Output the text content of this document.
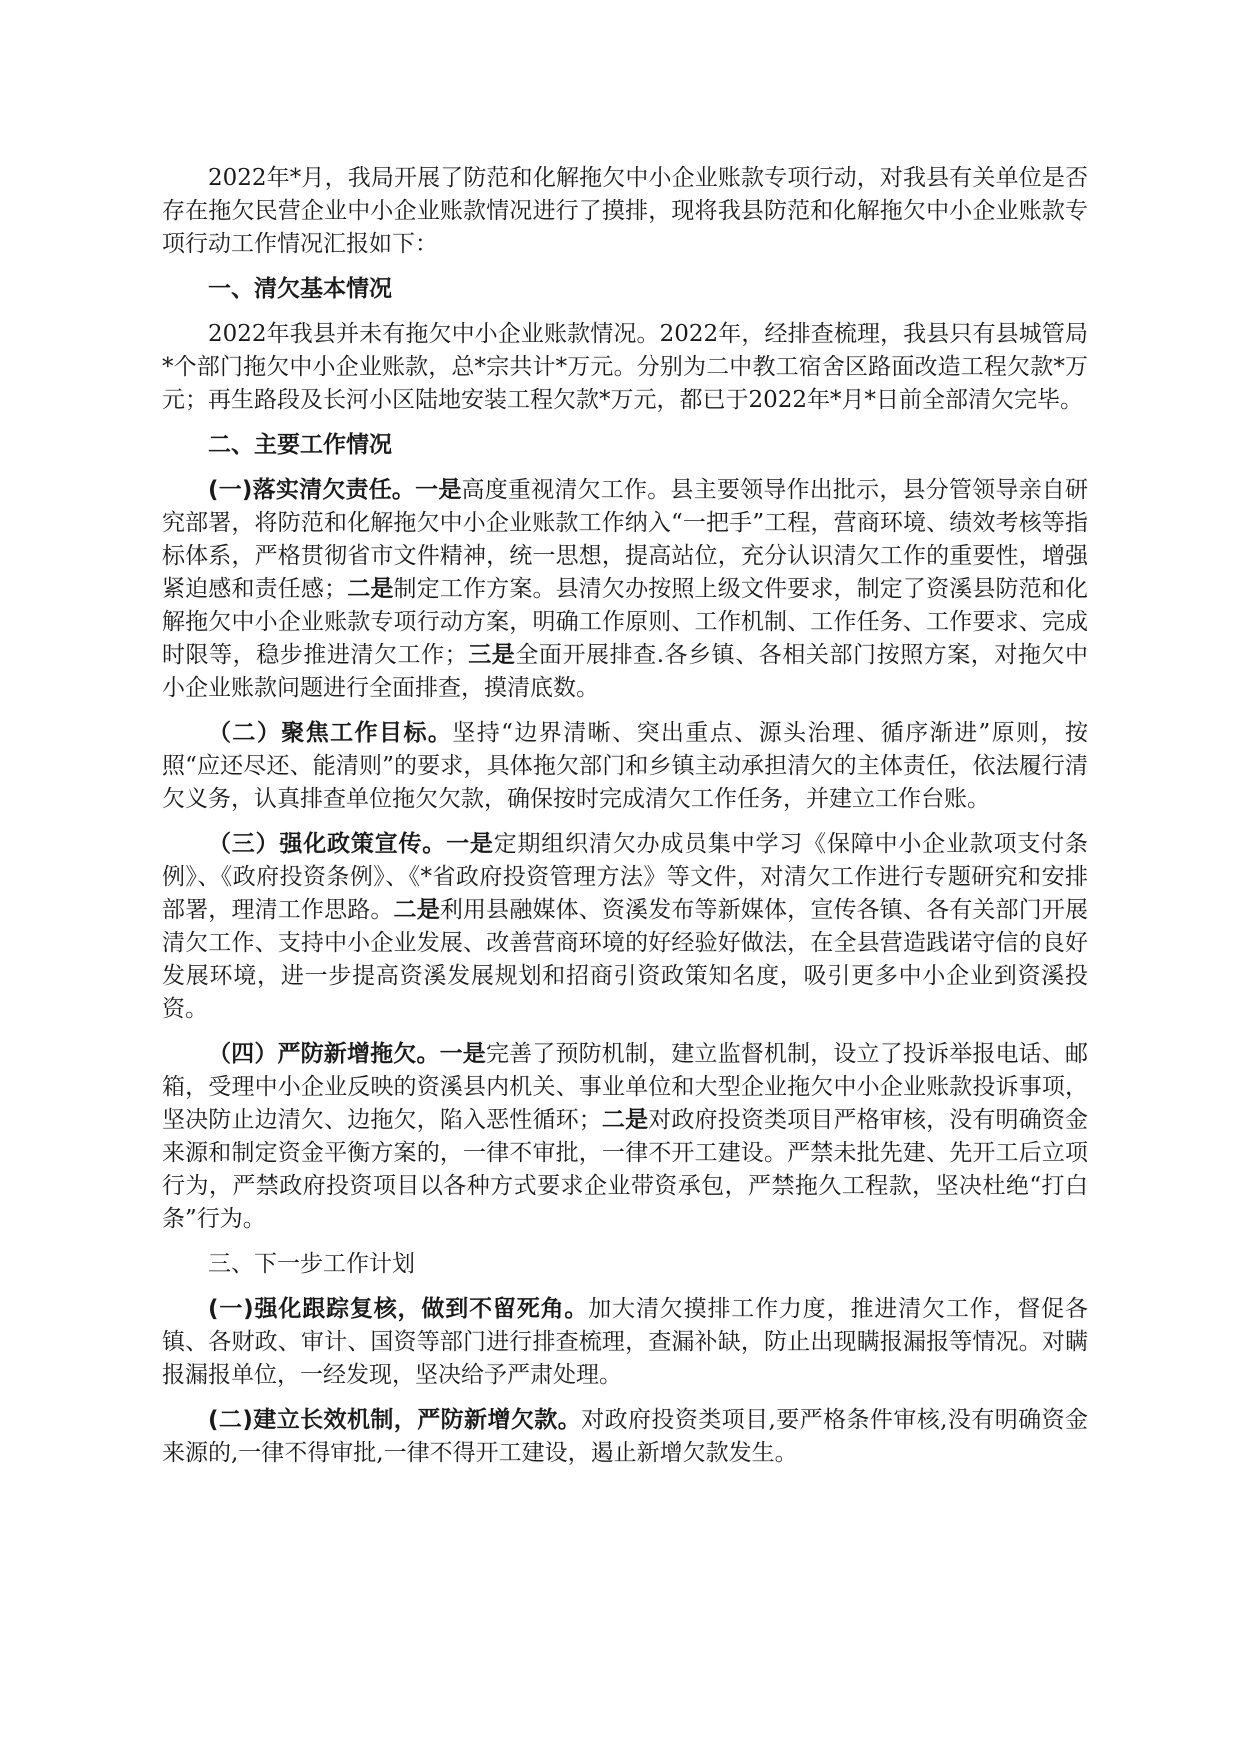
2022年*月，我局开展了防范和化解拖欠中小企业账款专项行动，对我县有关单位是否存在拖欠民营企业中小企业账款情况进行了摸排，现将我县防范和化解拖欠中小企业账款专项行动工作情况汇报如下：

一、清欠基本情况

2022年我县并未有拖欠中小企业账款情况。2022年，经排查梳理，我县只有县城管局*个部门拖欠中小企业账款，总*宗共计*万元。分别为二中教工宿舍区路面改造工程欠款*万元；再生路段及长河小区陆地安装工程欠款*万元，都已于2022年*月*日前全部清欠完毕。

二、主要工作情况

(一)落实清欠责任。一是高度重视清欠工作。县主要领导作出批示，县分管领导亲自研究部署，将防范和化解拖欠中小企业账款工作纳入“一把手”工程，营商环境、绩效考核等指标体系，严格贯彻省市文件精神，统一思想，提高站位，充分认识清欠工作的重要性，增强紧迫感和责任感；二是制定工作方案。县清欠办按照上级文件要求，制定了资溪县防范和化解拖欠中小企业账款专项行动方案，明确工作原则、工作机制、工作任务、工作要求、完成时限等，稳步推进清欠工作；三是全面开展排查.各乡镇、各相关部门按照方案，对拖欠中小企业账款问题进行全面排查，摸清底数。

（二）聚焦工作目标。坚持“边界清晰、突出重点、源头治理、循序渐进”原则，按照“应还尽还、能清则”的要求，具体拖欠部门和乡镇主动承担清欠的主体责任，依法履行清欠义务，认真排查单位拖欠欠款，确保按时完成清欠工作任务，并建立工作台账。

（三）强化政策宣传。一是定期组织清欠办成员集中学习《保障中小企业款项支付条例》、《政府投资条例》、《*省政府投资管理方法》等文件，对清欠工作进行专题研究和安排部署，理清工作思路。二是利用县融媒体、资溪发布等新媒体，宣传各镇、各有关部门开展清欠工作、支持中小企业发展、改善营商环境的好经验好做法，在全县营造践诺守信的良好发展环境，进一步提高资溪发展规划和招商引资政策知名度，吸引更多中小企业到资溪投资。

（四）严防新增拖欠。一是完善了预防机制，建立监督机制，设立了投诉举报电话、邮箱，受理中小企业反映的资溪县内机关、事业单位和大型企业拖欠中小企业账款投诉事项，坚决防止边清欠、边拖欠，陷入恶性循环；二是对政府投资类项目严格审核，没有明确资金来源和制定资金平衡方案的，一律不审批，一律不开工建设。严禁未批先建、先开工后立项行为，严禁政府投资项目以各种方式要求企业带资承包，严禁拖久工程款，坚决杜绝“打白条”行为。

三、下一步工作计划

(一)强化跟踪复核，做到不留死角。加大清欠摸排工作力度，推进清欠工作，督促各镇、各财政、审计、国资等部门进行排查梳理，查漏补缺，防止出现瞒报漏报等情况。对瞒报漏报单位，一经发现，坚决给予严肃处理。

(二)建立长效机制，严防新增欠款。对政府投资类项目,要严格条件审核,没有明确资金来源的,一律不得审批,一律不得开工建设，遏止新增欠款发生。
